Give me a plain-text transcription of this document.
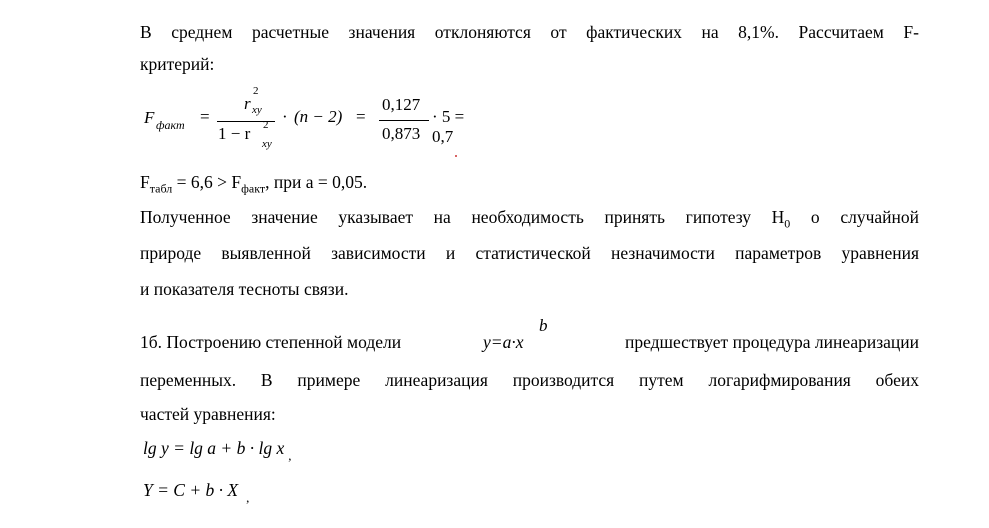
В среднем расчетные значения отклоняются от фактических на 8,1%. Рассчитаем F-
критерий:
F факт =
r
2
xy
1 − r 2
xy
· (n − 2) =
0,127
0,873
· 5 = 0,7
$F_{табл} = 6,6 > F_{факт}$, при а = 0,05.
Полученное значение указывает на необходимость принять гипотезу $H_0$ о случайной
природе выявленной зависимости и статистической незначимости параметров уравнения
и показателя тесноты связи.
1б. Построению степенной модели	y=a·x
b
предшествует процедура линеаризации
переменных. В примере линеаризация производится путем логарифмирования обеих
частей уравнения:
lg y = lg a + b · lg x $_,$
Y = C + b · X $_,$
